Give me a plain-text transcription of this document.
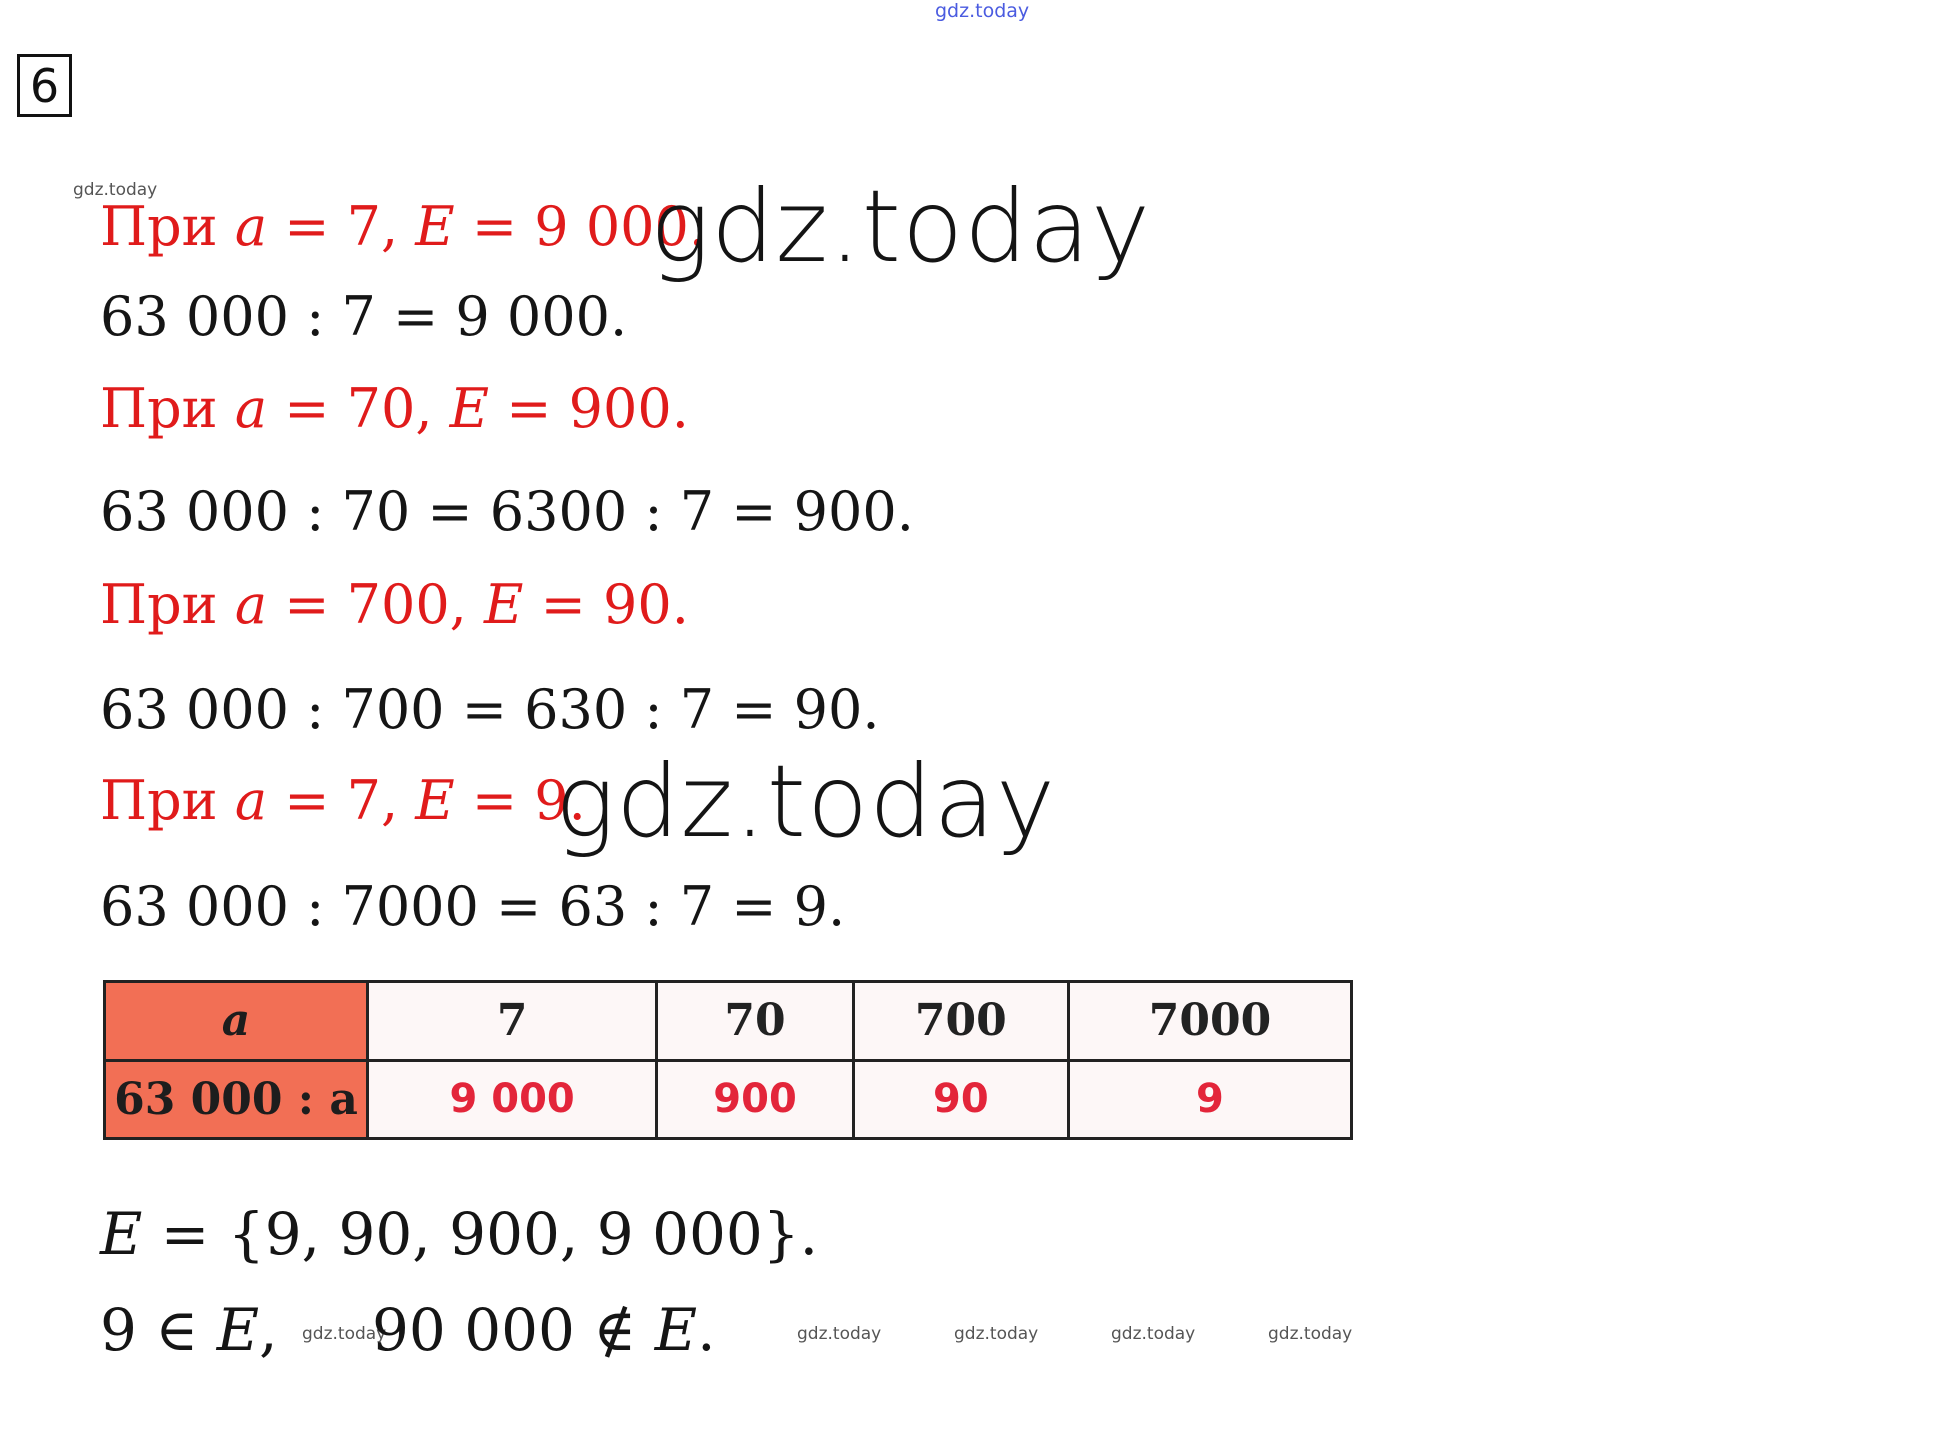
gdz.today
6
gdz.today
При a = 7, E = 9 000.
gdz.today
63 000 : 7 = 9 000.
При a = 70, E = 900.
63 000 : 70 = 6300 : 7 = 900.
При a = 700, E = 90.
63 000 : 700 = 630 : 7 = 90.
При a = 7, E = 9.
gdz.today
63 000 : 7000 = 63 : 7 = 9.
a	7	70	700	7000
63 000 : a	9 000	900	90	9
E = {9, 90, 900, 9 000}.
9 ∈ E, gdz.today
90 000 ∉ E.	gdz.today	gdz.today	gdz.today	gdz.today
